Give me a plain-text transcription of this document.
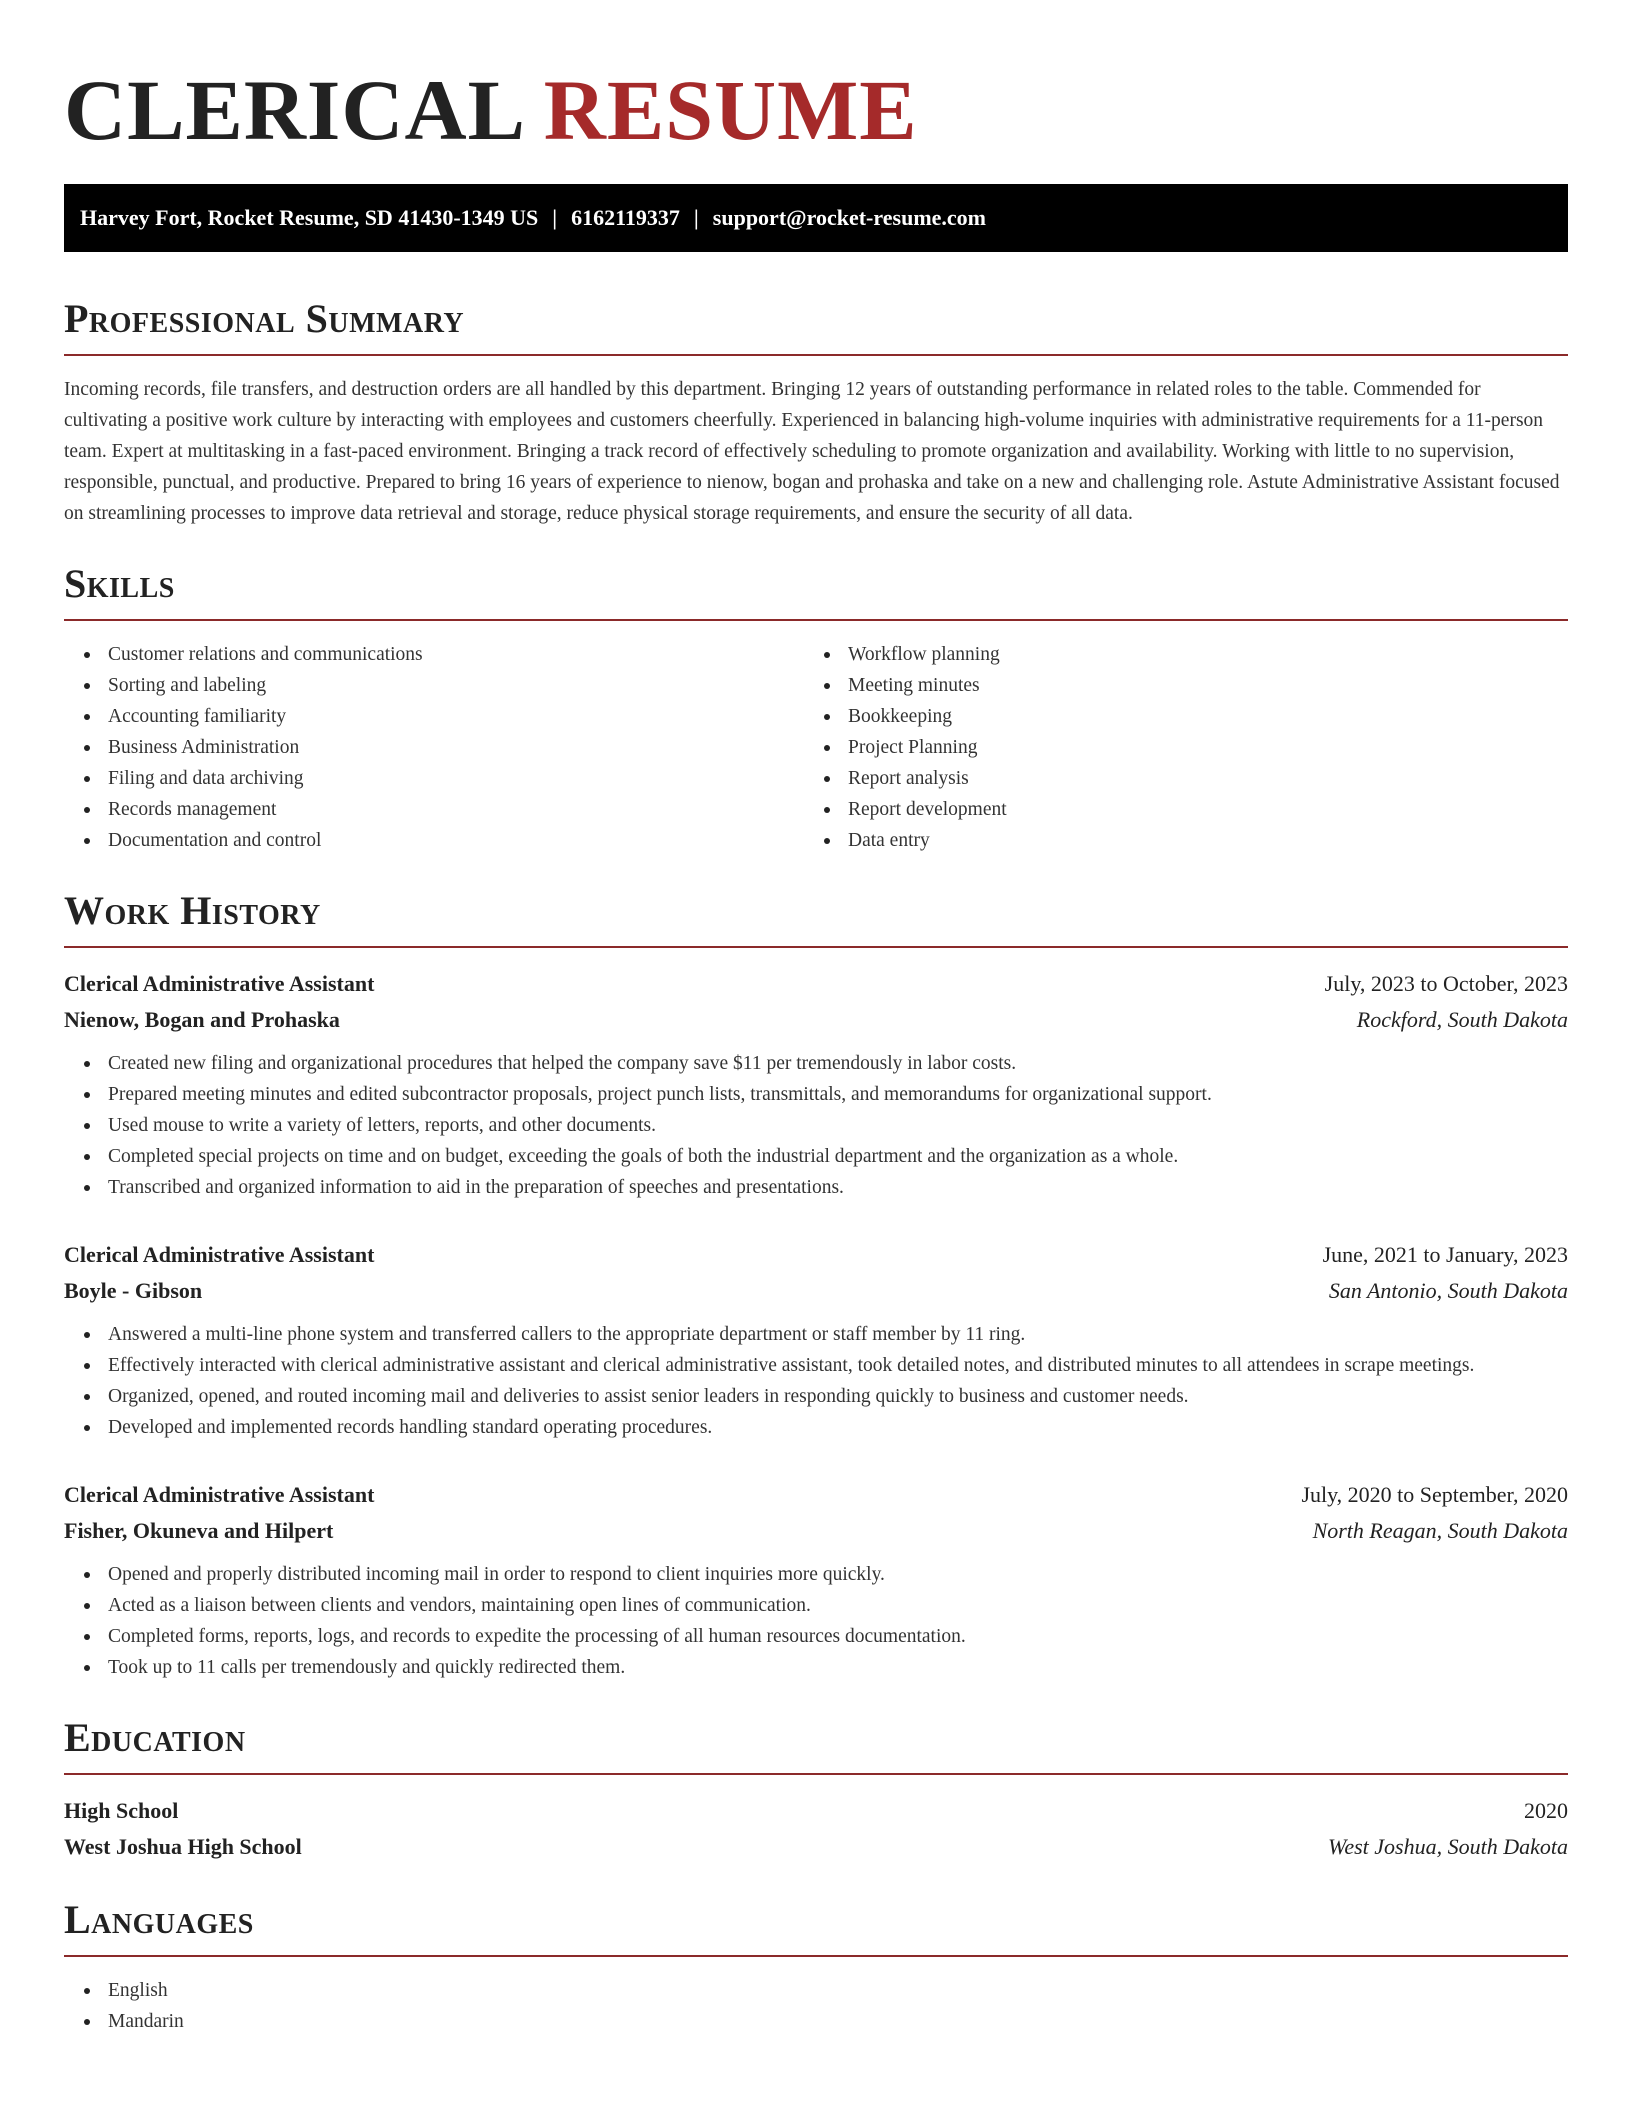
CLERICAL RESUME
Harvey Fort, Rocket Resume, SD 41430-1349 US | 6162119337 | support@rocket-resume.com
Professional Summary

Incoming records, file transfers, and destruction orders are all handled by this department. Bringing 12 years of outstanding performance in related roles to the table. Commended for cultivating a positive work culture by interacting with employees and customers cheerfully. Experienced in balancing high-volume inquiries with administrative requirements for a 11-person team. Expert at multitasking in a fast-paced environment. Bringing a track record of effectively scheduling to promote organization and availability. Working with little to no supervision, responsible, punctual, and productive. Prepared to bring 16 years of experience to nienow, bogan and prohaska and take on a new and challenging role. Astute Administrative Assistant focused on streamlining processes to improve data retrieval and storage, reduce physical storage requirements, and ensure the security of all data.

Skills
Customer relations and communications
Sorting and labeling
Accounting familiarity
Business Administration
Filing and data archiving
Records management
Documentation and control
Workflow planning
Meeting minutes
Bookkeeping
Project Planning
Report analysis
Report development
Data entry
Work History
Clerical Administrative Assistant	July, 2023 to October, 2023
Nienow, Bogan and Prohaska	Rockford, South Dakota
Created new filing and organizational procedures that helped the company save $11 per tremendously in labor costs.
Prepared meeting minutes and edited subcontractor proposals, project punch lists, transmittals, and memorandums for organizational support.
Used mouse to write a variety of letters, reports, and other documents.
Completed special projects on time and on budget, exceeding the goals of both the industrial department and the organization as a whole.
Transcribed and organized information to aid in the preparation of speeches and presentations.
Clerical Administrative Assistant	June, 2021 to January, 2023
Boyle - Gibson	San Antonio, South Dakota
Answered a multi-line phone system and transferred callers to the appropriate department or staff member by 11 ring.
Effectively interacted with clerical administrative assistant and clerical administrative assistant, took detailed notes, and distributed minutes to all attendees in scrape meetings.
Organized, opened, and routed incoming mail and deliveries to assist senior leaders in responding quickly to business and customer needs.
Developed and implemented records handling standard operating procedures.
Clerical Administrative Assistant	July, 2020 to September, 2020
Fisher, Okuneva and Hilpert	North Reagan, South Dakota
Opened and properly distributed incoming mail in order to respond to client inquiries more quickly.
Acted as a liaison between clients and vendors, maintaining open lines of communication.
Completed forms, reports, logs, and records to expedite the processing of all human resources documentation.
Took up to 11 calls per tremendously and quickly redirected them.
Education
High School	2020
West Joshua High School	West Joshua, South Dakota
Languages
English
Mandarin
